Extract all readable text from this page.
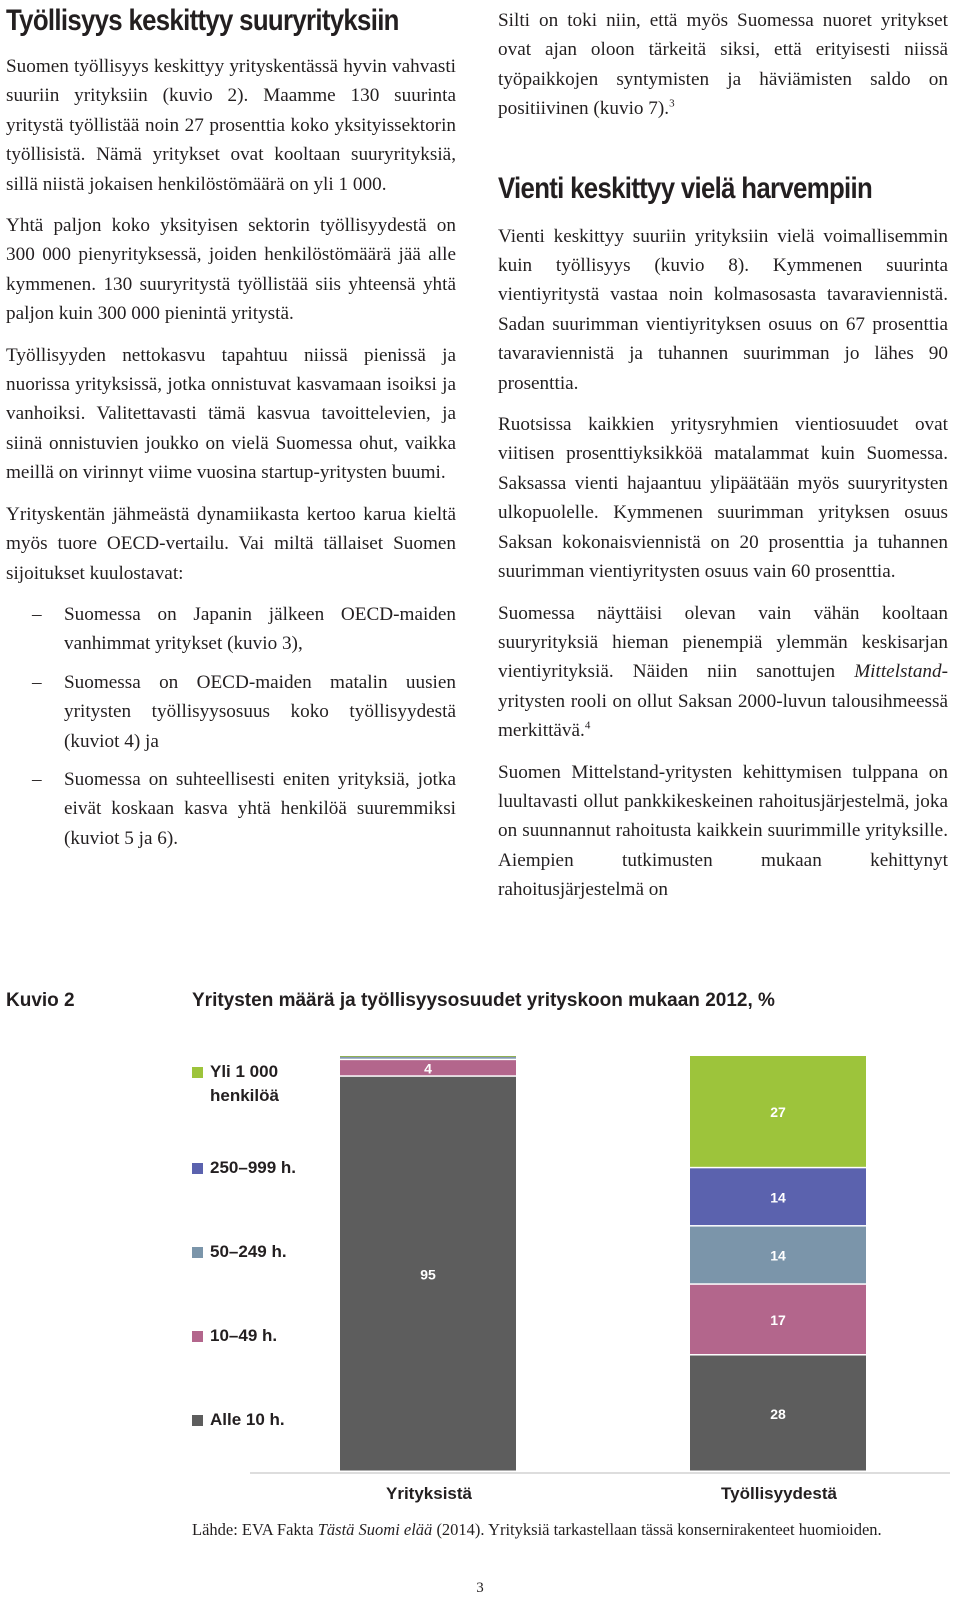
Työllisyys keskittyy suuryrityksiin

Suomen työllisyys keskittyy yrityskentässä hyvin vahvasti suuriin yrityksiin (kuvio 2). Maamme 130 suurinta yritystä työllistää noin 27 prosenttia koko yksityissektorin työllisistä. Nämä yritykset ovat kooltaan suuryrityksiä, sillä niistä jokaisen henkilöstömäärä on yli 1 000.

Yhtä paljon koko yksityisen sektorin työllisyydestä on 300 000 pienyrityksessä, joiden henkilöstömäärä jää alle kymmenen. 130 suuryritystä työllistää siis yhteensä yhtä paljon kuin 300 000 pienintä yritystä.

Työllisyyden nettokasvu tapahtuu niissä pienissä ja nuorissa yrityksissä, jotka onnistuvat kasvamaan isoiksi ja vanhoiksi. Valitettavasti tämä kasvua tavoittelevien, ja siinä onnistuvien joukko on vielä Suomessa ohut, vaikka meillä on virinnyt viime vuosina startup-yritysten buumi.

Yrityskentän jähmeästä dynamiikasta kertoo karua kieltä myös tuore OECD-vertailu. Vai miltä tällaiset Suomen sijoitukset kuulostavat:

– Suomessa on Japanin jälkeen OECD-maiden vanhimmat yritykset (kuvio 3),
– Suomessa on OECD-maiden matalin uusien yritysten työllisyysosuus koko työllisyydestä (kuviot 4) ja
– Suomessa on suhteellisesti eniten yrityksiä, jotka eivät koskaan kasva yhtä henkilöä suuremmiksi (kuviot 5 ja 6).

Silti on toki niin, että myös Suomessa nuoret yritykset ovat ajan oloon tärkeitä siksi, että erityisesti niissä työpaikkojen syntymisten ja häviämisten saldo on positiivinen (kuvio 7).$^3$

Vienti keskittyy vielä harvempiin

Vienti keskittyy suuriin yrityksiin vielä voimallisemmin kuin työllisyys (kuvio 8). Kymmenen suurinta vientiyritystä vastaa noin kolmasosasta tavaraviennistä. Sadan suurimman vientiyrityksen osuus on 67 prosenttia tavaraviennistä ja tuhannen suurimman jo lähes 90 prosenttia.

Ruotsissa kaikkien yritysryhmien vientiosuudet ovat viitisen prosenttiyksikköä matalammat kuin Suomessa. Saksassa vienti hajaantuu ylipäätään myös suuryritysten ulkopuolelle. Kymmenen suurimman yrityksen osuus Saksan kokonaisviennistä on 20 prosenttia ja tuhannen suurimman vientiyritysten osuus vain 60 prosenttia.

Suomessa näyttäisi olevan vain vähän kooltaan suuryrityksiä hieman pienempiä ylemmän keskisarjan vientiyrityksiä. Näiden niin sanottujen Mittelstand-yritysten rooli on ollut Saksan 2000-luvun talousihmeessä merkittävä.$^4$

Suomen Mittelstand-yritysten kehittymisen tulppana on luultavasti ollut pankkikeskeinen rahoitusjärjestelmä, joka on suunnannut rahoitusta kaikkein suurimmille yrityksille. Aiempien tutkimusten mukaan kehittynyt rahoitusjärjestelmä on

Kuvio 2	Yritysten määrä ja työllisyysosuudet yrityskoon mukaan 2012, %
95
4
28
17
14
14
27
Yli 1 000 henkilöä
250–999 h.
50–249 h.
10–49 h.
Alle 10 h.
Yrityksistä	Työllisyydestä
Lähde: EVA Fakta Tästä Suomi elää (2014). Yrityksiä tarkastellaan tässä konsernirakenteet huomioiden.
3
